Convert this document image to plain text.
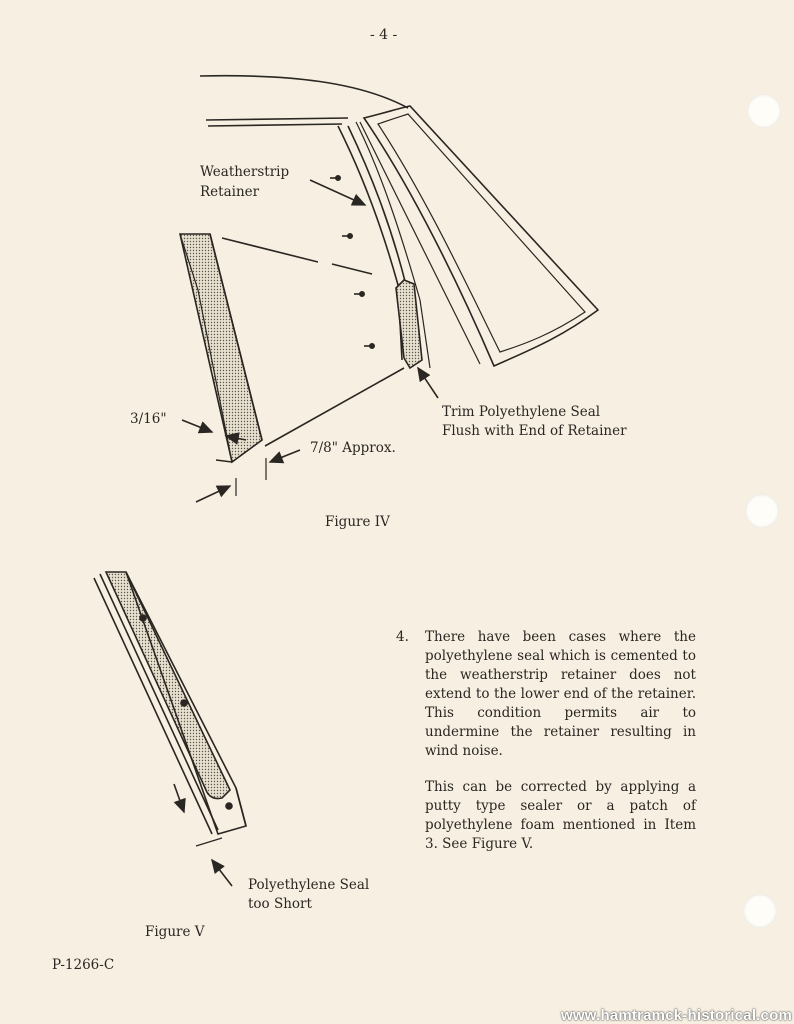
- 4 -
Weatherstrip
Retainer
3/16"
7/8" Approx.
Trim Polyethylene Seal
Flush with End of Retainer
Figure IV
Polyethylene Seal
too Short
Figure V
4.	There have been cases where the polyethylene seal which is cemented to the weatherstrip retainer does not extend to the lower end of the retainer. This condition permits air to undermine the retainer resulting in wind noise.

This can be corrected by applying a putty type sealer or a patch of polyethylene foam mentioned in Item 3. See Figure V.

P-1266-C
www.hamtramck-historical.com
